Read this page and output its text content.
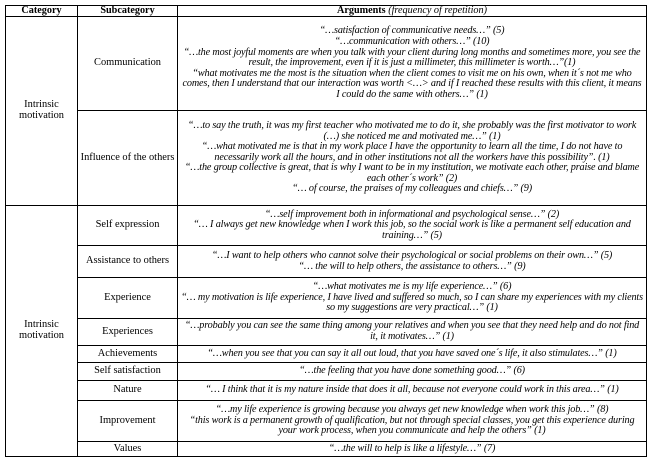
Category	Subcategory	Arguments (frequency of repetition)
Intrinsic motivation	Communication	“…satisfaction of communicative needs…” (5)
“…communication with others…” (10)
“…the most joyful moments are when you talk with your client during long months and sometimes more, you see the result, the improvement, even if it is just a millimeter, this millimeter is worth…”(1)
“what motivates me the most is the situation when the client comes to visit me on his own, when it´s not me who comes, then I understand that our interaction was worth <…> and if I reached these results with this client, it means I could do the same with others…” (1)

	Influence of the others	“…to say the truth, it was my first teacher who motivated me to do it, she probably was the first motivator to work (…) she noticed me and motivated me…” (1)
“…what motivated me is that in my work place I have the opportunity to learn all the time, I do not have to necessarily work all the hours, and in other institutions not all the workers have this possibility”. (1)
“…the group collective is great, that is why I want to be in my institution, we motivate each other, praise and blame each other´s work” (2)
“… of course, the praises of my colleagues and chiefs…” (9)

Intrinsic motivation	Self expression	“…self improvement both in informational and psychological sense…” (2)
“… I always get new knowledge when I work this job, so the social work is like a permanent self education and training…” (5)

	Assistance to others	“…I want to help others who cannot solve their psychological or social problems on their own…” (5)
“… the will to help others, the assistance to others…” (9)

	Experience	“…what motivates me is my life experience…” (6)
“… my motivation is life experience, I have lived and suffered so much, so I can share my experiences with my clients so my suggestions are very practical…” (1)

	Experiences	“…probably you can see the same thing among your relatives and when you see that they need help and do not find it, it motivates…” (1)

	Achievements	“…when you see that you can say it all out loud, that you have saved one´s life, it also stimulates…” (1)

	Self satisfaction	“…the feeling that you have done something good…” (6)

	Nature	“… I think that it is my nature inside that does it all, because not everyone could work in this area…” (1)

	Improvement	“…my life experience is growing because you always get new knowledge when work this job…” (8)
“this work is a permanent growth of qualification, but not through special classes, you get this experience during your work process, when you communicate and help the others” (1)

	Values	“…the will to help is like a lifestyle…” (7)
